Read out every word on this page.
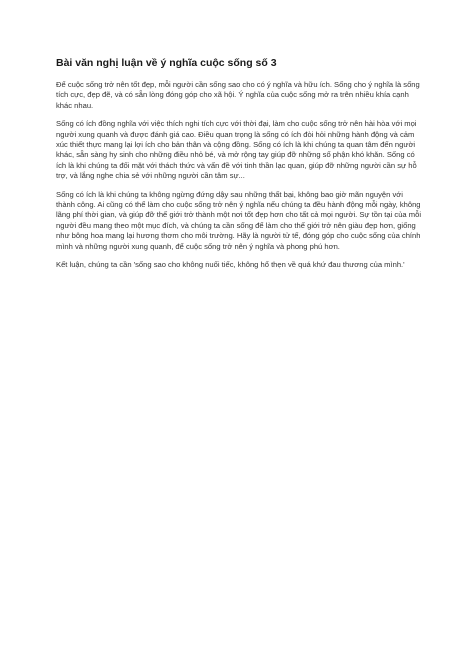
Bài văn nghị luận về ý nghĩa cuộc sống số 3

Để cuộc sống trở nên tốt đẹp, mỗi người cần sống sao cho có ý nghĩa và hữu ích. Sống cho ý nghĩa là sống tích cực, đẹp đẽ, và có sẵn lòng đóng góp cho xã hội. Ý nghĩa của cuộc sống mở ra trên nhiều khía cạnh khác nhau.

Sống có ích đồng nghĩa với việc thích nghi tích cực với thời đại, làm cho cuộc sống trở nên hài hòa với mọi người xung quanh và được đánh giá cao. Điều quan trọng là sống có ích đòi hỏi những hành động và cảm xúc thiết thực mang lại lợi ích cho bản thân và cộng đồng. Sống có ích là khi chúng ta quan tâm đến người khác, sẵn sàng hy sinh cho những điều nhỏ bé, và mở rộng tay giúp đỡ những số phận khó khăn. Sống có ích là khi chúng ta đối mặt với thách thức và vấn đề với tinh thần lạc quan, giúp đỡ những người cần sự hỗ trợ, và lắng nghe chia sẻ với những người cần tâm sự...

Sống có ích là khi chúng ta không ngừng đứng dậy sau những thất bại, không bao giờ mãn nguyện với thành công. Ai cũng có thể làm cho cuộc sống trở nên ý nghĩa nếu chúng ta đều hành động mỗi ngày, không lãng phí thời gian, và giúp đỡ thế giới trở thành một nơi tốt đẹp hơn cho tất cả mọi người. Sự tồn tại của mỗi người đều mang theo một mục đích, và chúng ta cần sống để làm cho thế giới trở nên giàu đẹp hơn, giống như bông hoa mang lại hương thơm cho môi trường. Hãy là người tử tế, đóng góp cho cuộc sống của chính mình và những người xung quanh, để cuộc sống trở nên ý nghĩa và phong phú hơn.

Kết luận, chúng ta cần 'sống sao cho không nuối tiếc, không hổ thẹn về quá khứ đau thương của mình.'
